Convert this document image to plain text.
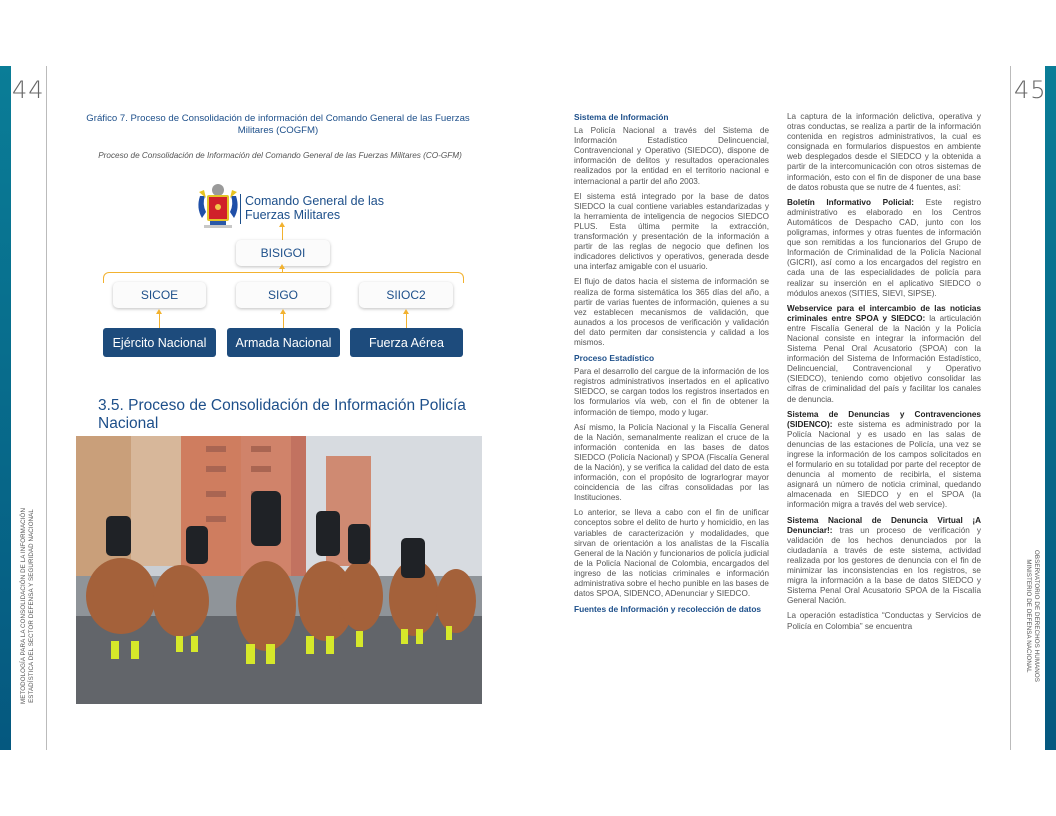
44	45
METODOLOGÍA PARA LA CONSOLIDACIÓN DE LA INFORMACIÓN ESTADÍSTICA DEL SECTOR DEFENSA Y SEGURIDAD NACIONAL	OBSERVATORIO DE DERECHOS HUMANOS
MINISTERIO DE DEFENSA NACIONAL
Gráfico 7. Proceso de Consolidación de información del Comando General de las Fuerzas Militares (COGFM)
Proceso de Consolidación de Información del Comando General de las Fuerzas Militares (CO-GFM)
Comando General de las
Fuerzas Militares
BISIGOI
SICOE	SIGO	SIIOC2
Ejército Nacional	Armada Nacional	Fuerza Aérea
3.5. Proceso de Consolidación de Información Policía Nacional
Sistema de Información

La Policía Nacional a través del Sistema de Información Estadístico Delincuencial, Contravencional y Operativo (SIEDCO), dispone de información de delitos y resultados operacionales realizados por la entidad en el territorio nacional e internacional a partir del año 2003.

El sistema está integrado por la base de datos SIEDCO la cual contiene variables estandarizadas y la herramienta de inteligencia de negocios SIEDCO PLUS. Esta última permite la extracción, transformación y presentación de la información a partir de las reglas de negocio que definen los indicadores delictivos y operativos, generada desde una interfaz amigable con el usuario.

El flujo de datos hacia el sistema de información se realiza de forma sistemática los 365 días del año, a partir de varias fuentes de información, quienes a su vez establecen mecanismos de validación, que aunados a los procesos de verificación y validación del dato permiten dar consistencia y calidad a los mismos.

Proceso Estadístico

Para el desarrollo del cargue de la información de los registros administrativos insertados en el aplicativo SIEDCO, se cargan todos los registros insertados en los formularios vía web, con el fin de obtener la información de tiempo, modo y lugar.

Así mismo, la Policía Nacional y la Fiscalía General de la Nación, semanalmente realizan el cruce de la información contenida en las bases de datos SIEDCO (Policía Nacional) y SPOA (Fiscalía General de la Nación), y se verifica la calidad del dato de esta información, con el propósito de lograrlograr mayor coincidencia de las cifras consolidadas por las Instituciones.

Lo anterior, se lleva a cabo con el fin de unificar conceptos sobre el delito de hurto y homicidio, en las variables de caracterización y modalidades, que sirvan de orientación a los analistas de la Fiscalía General de la Nación y funcionarios de policía judicial de la Policía Nacional de Colombia, encargados del ingreso de las noticias criminales e información administrativa sobre el hecho punible en las bases de datos SPOA, SIDENCO, ADenunciar y SIEDCO.

Fuentes de Información y recolección de datos

La captura de la información delictiva, operativa y otras conductas, se realiza a partir de la información contenida en registros administrativos, la cual es consignada en formularios dispuestos en ambiente web desplegados desde el SIEDCO y la obtenida a partir de la intercomunicación con otros sistemas de información, esto con el fin de disponer de una base de datos robusta que se nutre de 4 fuentes, así:

Boletín Informativo Policial: Este registro administrativo es elaborado en los Centros Automáticos de Despacho CAD, junto con los poligramas, informes y otras fuentes de información que son remitidas a los funcionarios del Grupo de Información de Criminalidad de la Policía Nacional (GICRI), así como a los encargados del registro en cada una de las especialidades de policía para realizar su inserción en el aplicativo SIEDCO o módulos anexos (SITIES, SIEVI, SIPSE).

Webservice para el intercambio de las noticias criminales entre SPOA y SIEDCO: la articulación entre Fiscalía General de la Nación y la Policía Nacional consiste en integrar la información del Sistema Penal Oral Acusatorio (SPOA) con la información del Sistema de Información Estadístico, Delincuencial, Contravencional y Operativo (SIEDCO), teniendo como objetivo consolidar las cifras de criminalidad del país y facilitar los canales de denuncia.

Sistema de Denuncias y Contravenciones (SIDENCO): este sistema es administrado por la Policía Nacional y es usado en las salas de denuncias de las estaciones de Policía, una vez se ingrese la información de los campos solicitados en el formulario en su totalidad por parte del receptor de denuncia al momento de recibirla, el sistema asignará un número de noticia criminal, quedando almacenada en SIEDCO y en el SPOA (la información migra a través del web service).

Sistema Nacional de Denuncia Virtual ¡A Denunciar!: tras un proceso de verificación y validación de los hechos denunciados por la ciudadanía a través de este sistema, actividad realizada por los gestores de denuncia con el fin de minimizar las inconsistencias en los registros, se migra la información a la base de datos SIEDCO y Sistema Penal Oral Acusatorio SPOA de la Fiscalía General Nación.

La operación estadística “Conductas y Servicios de Policía en Colombia” se encuentra
